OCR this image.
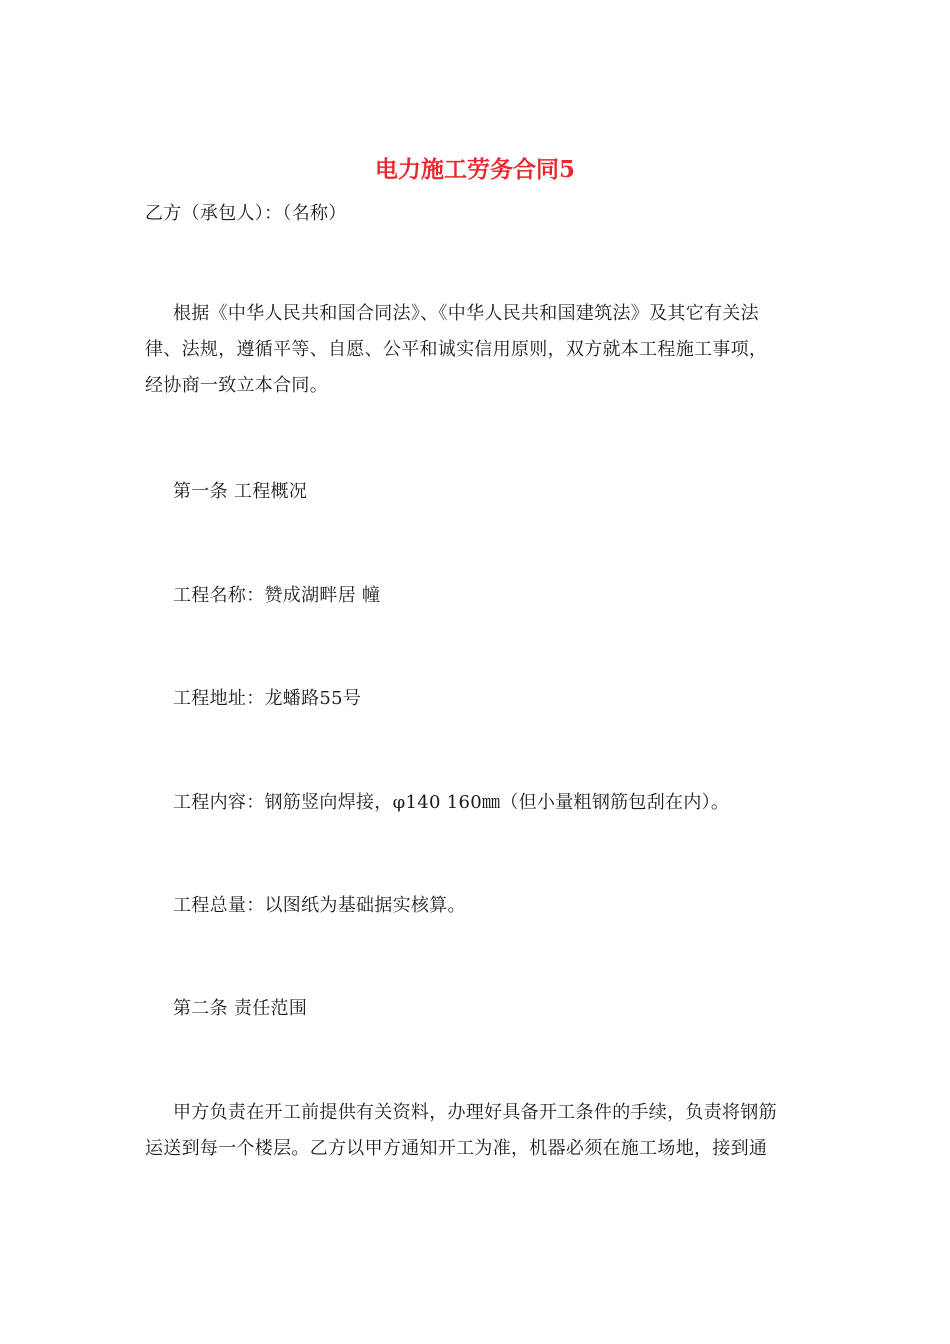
电力施工劳务合同5

乙方（承包人）：（名称）

根据《中华人民共和国合同法》、《中华人民共和国建筑法》及其它有关法
律、法规，遵循平等、自愿、公平和诚实信用原则，双方就本工程施工事项，
经协商一致立本合同。

第一条 工程概况

工程名称：赞成湖畔居 幢

工程地址：龙蟠路55号

工程内容：钢筋竖向焊接，φ140 160㎜（但小量粗钢筋包刮在内）。

工程总量：以图纸为基础据实核算。

第二条 责任范围

甲方负责在开工前提供有关资料，办理好具备开工条件的手续，负责将钢筋
运送到每一个楼层。乙方以甲方通知开工为准，机器必须在施工场地，接到通
